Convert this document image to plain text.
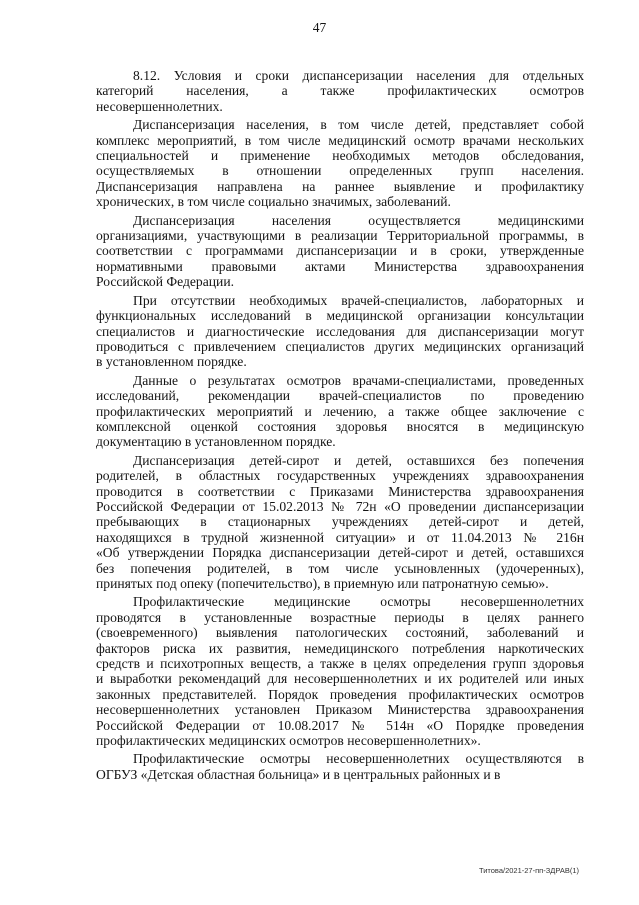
47
8.12. Условия и сроки диспансеризации населения для отдельных
категорий населения, а также профилактических осмотров
несовершеннолетних.
Диспансеризация населения, в том числе детей, представляет собой
комплекс мероприятий, в том числе медицинский осмотр врачами нескольких
специальностей и применение необходимых методов обследования,
осуществляемых в отношении определенных групп населения.
Диспансеризация направлена на раннее выявление и профилактику
хронических, в том числе социально значимых, заболеваний.
Диспансеризация населения осуществляется медицинскими
организациями, участвующими в реализации Территориальной программы, в
соответствии с программами диспансеризации и в сроки, утвержденные
нормативными правовыми актами Министерства здравоохранения
Российской Федерации.
При отсутствии необходимых врачей-специалистов, лабораторных и
функциональных исследований в медицинской организации консультации
специалистов и диагностические исследования для диспансеризации могут
проводиться с привлечением специалистов других медицинских организаций
в установленном порядке.
Данные о результатах осмотров врачами-специалистами, проведенных
исследований, рекомендации врачей-специалистов по проведению
профилактических мероприятий и лечению, а также общее заключение с
комплексной оценкой состояния здоровья вносятся в медицинскую
документацию в установленном порядке.
Диспансеризация детей-сирот и детей, оставшихся без попечения
родителей, в областных государственных учреждениях здравоохранения
проводится в соответствии с Приказами Министерства здравоохранения
Российской Федерации от 15.02.2013 № 72н «О проведении диспансеризации
пребывающих в стационарных учреждениях детей-сирот и детей,
находящихся в трудной жизненной ситуации» и от 11.04.2013 № 216н
«Об утверждении Порядка диспансеризации детей-сирот и детей, оставшихся
без попечения родителей, в том числе усыновленных (удочеренных),
принятых под опеку (попечительство), в приемную или патронатную семью».
Профилактические медицинские осмотры несовершеннолетних
проводятся в установленные возрастные периоды в целях раннего
(своевременного) выявления патологических состояний, заболеваний и
факторов риска их развития, немедицинского потребления наркотических
средств и психотропных веществ, а также в целях определения групп здоровья
и выработки рекомендаций для несовершеннолетних и их родителей или иных
законных представителей. Порядок проведения профилактических осмотров
несовершеннолетних установлен Приказом Министерства здравоохранения
Российской Федерации от 10.08.2017 № 514н «О Порядке проведения
профилактических медицинских осмотров несовершеннолетних».
Профилактические осмотры несовершеннолетних осуществляются в
ОГБУЗ «Детская областная больница» и в центральных районных и в
Титова/2021-27-пп-ЗДРАВ(1)
